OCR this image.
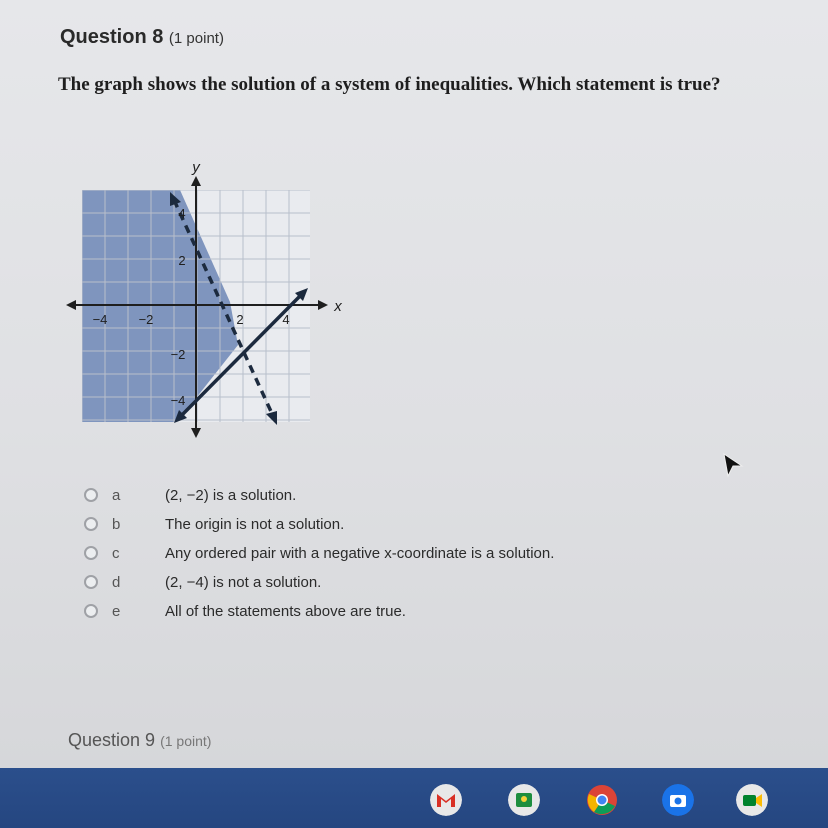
Question 8 (1 point)
The graph shows the solution of a system of inequalities. Which statement is true?
y
x
−4 −2	2	4
4
2
−2
−4
a	(2, −2) is a solution.
b	The origin is not a solution.
c	Any ordered pair with a negative x-coordinate is a solution.
d	(2, −4) is not a solution.
e	All of the statements above are true.
Question 9 (1 point)
